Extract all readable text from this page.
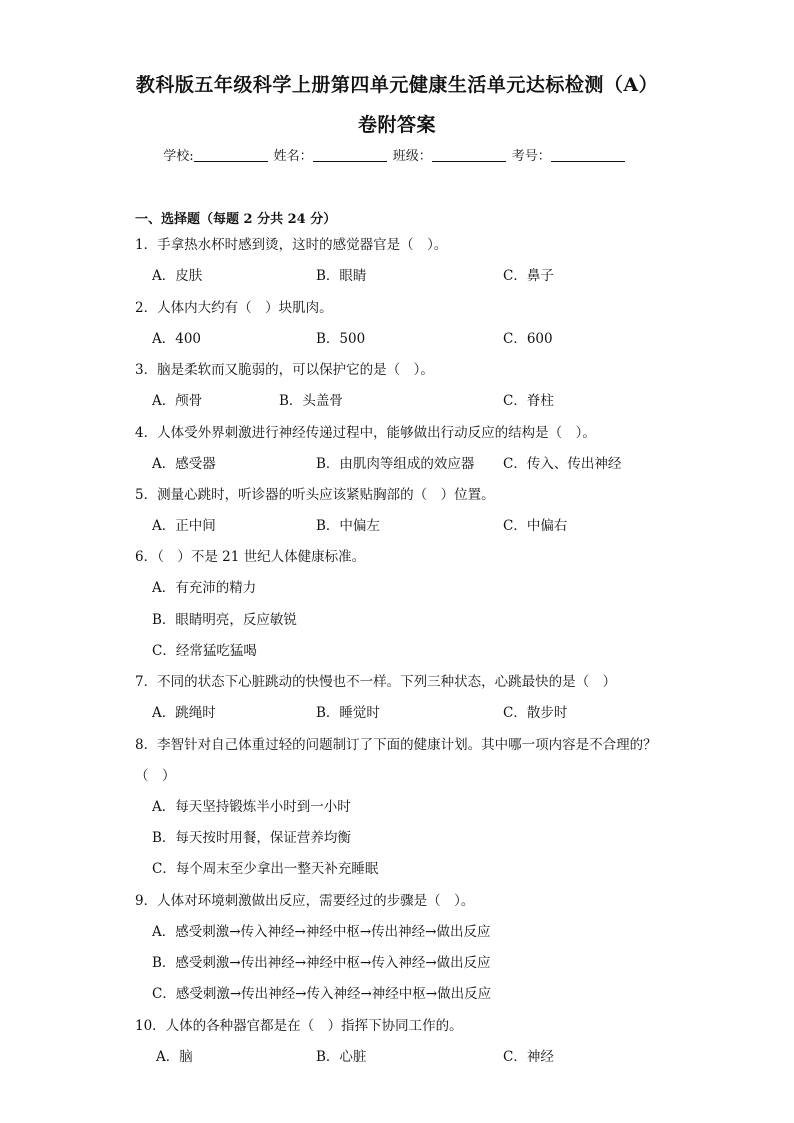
教科版五年级科学上册第四单元健康生活单元达标检测（A）
卷附答案
学校:	姓名：	班级：	考号：
一、选择题（每题 2 分共 24 分）
1．手拿热水杯时感到烫，这时的感觉器官是（　）。
A．皮肤	B．眼睛	C．鼻子
2．人体内大约有（　）块肌肉。
A．400	B．500	C．600
3．脑是柔软而又脆弱的，可以保护它的是（　）。
A．颅骨	B．头盖骨	C．脊柱
4．人体受外界刺激进行神经传递过程中，能够做出行动反应的结构是（　）。
A．感受器	B．由肌肉等组成的效应器 C．传入、传出神经
5．测量心跳时，听诊器的听头应该紧贴胸部的（　）位置。
A．正中间	B．中偏左	C．中偏右
6．（　）不是 21 世纪人体健康标准。
A．有充沛的精力
B．眼睛明亮，反应敏锐
C．经常猛吃猛喝
7．不同的状态下心脏跳动的快慢也不一样。下列三种状态，心跳最快的是（　）
A．跳绳时	B．睡觉时	C．散步时
8．李智针对自己体重过轻的问题制订了下面的健康计划。其中哪一项内容是不合理的？
（　）
A．每天坚持锻炼半小时到一小时
B．每天按时用餐，保证营养均衡
C．每个周末至少拿出一整天补充睡眠
9．人体对环境刺激做出反应，需要经过的步骤是（　）。
A．感受刺激→传入神经→神经中枢→传出神经→做出反应
B．感受刺激→传出神经→神经中枢→传入神经→做出反应
C．感受刺激→传出神经→传入神经→神经中枢→做出反应
10．人体的各种器官都是在（　）指挥下协同工作的。
A．脑	B．心脏	C．神经
